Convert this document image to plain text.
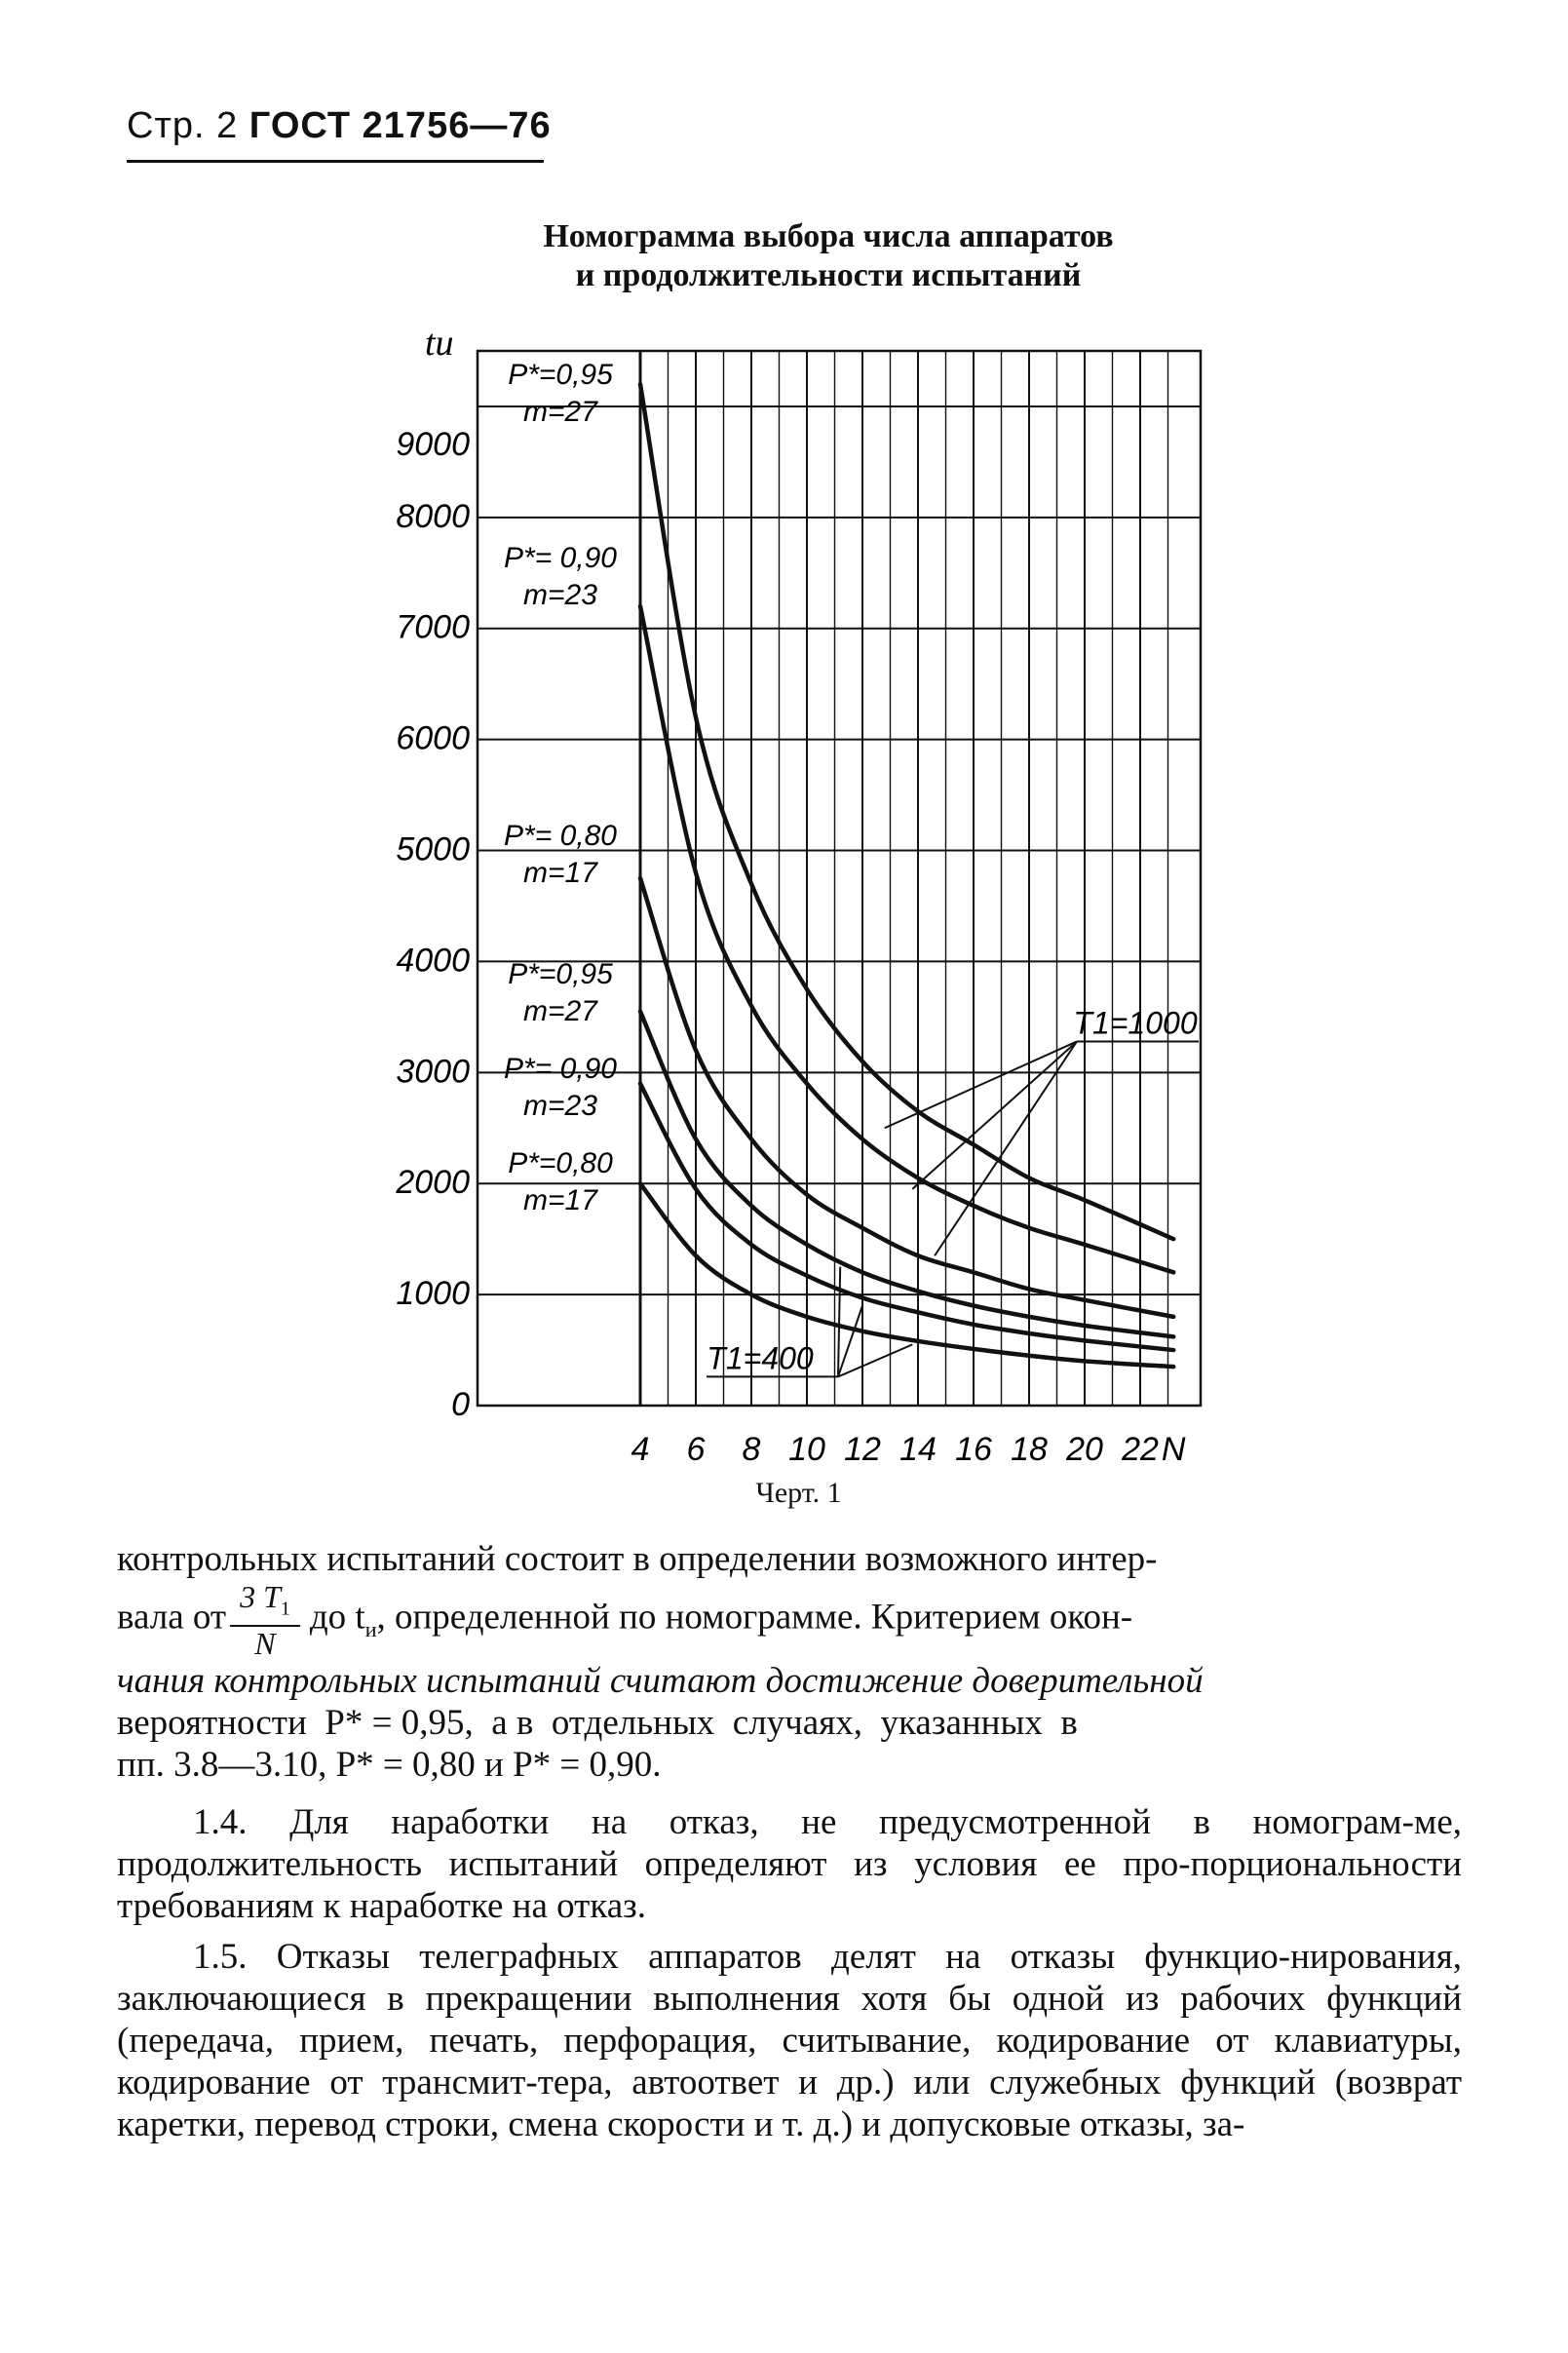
Стр. 2 ГОСТ 21756—76
Номограмма выбора числа аппаратов
и продолжительности испытаний
9000
8000
7000
6000
5000
4000
3000
2000
1000
0
tи
4 6 8 10 12 14 16 18 20 22 N
P*=0,95
m=27
P*= 0,90
m=23
P*= 0,80
m=17
P*=0,95
m=27
P*= 0,90
m=23
P*=0,80
m=17
T1=1000
T1=400
Черт. 1

контрольных испытаний состоит в определении возможного интер-

вала от $\frac{3 T_1}{N}$ до $t_и$, определенной по номограмме. Критерием окон-

чания контрольных испытаний считают достижение доверительной

вероятности  P* = 0,95,  а в  отдельных  случаях,  указанных  в

пп. 3.8—3.10, P* = 0,80 и P* = 0,90.

1.4. Для наработки на отказ, не предусмотренной в номограм-ме, продолжительность испытаний определяют из условия ее про-порциональности требованиям к наработке на отказ.

1.5. Отказы телеграфных аппаратов делят на отказы функцио-нирования, заключающиеся в прекращении выполнения хотя бы одной из рабочих функций (передача, прием, печать, перфорация, считывание, кодирование от клавиатуры, кодирование от трансмит-тера, автоответ и др.) или служебных функций (возврат каретки, перевод строки, смена скорости и т. д.) и допусковые отказы, за-
